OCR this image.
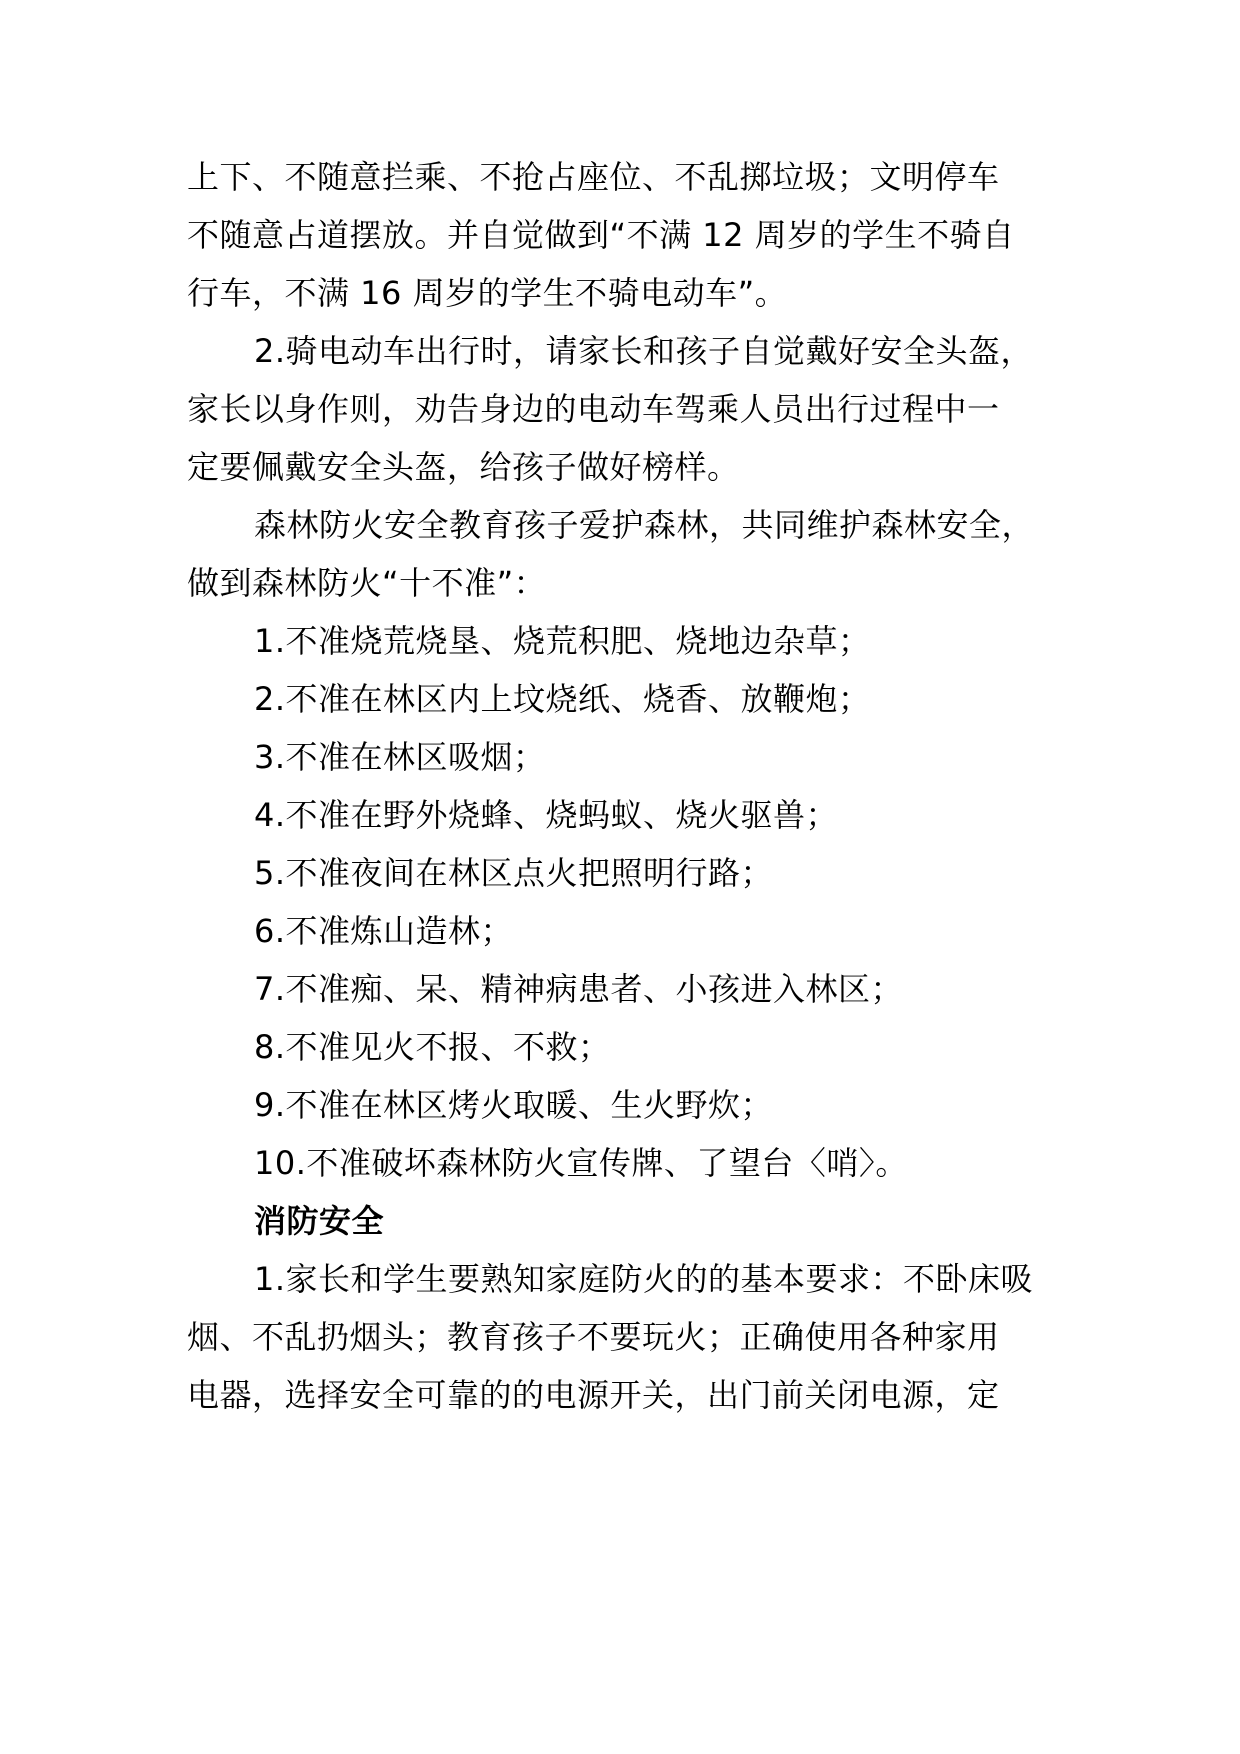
上下、不随意拦乘、不抢占座位、不乱掷垃圾；文明停车
不随意占道摆放。并自觉做到“不满 12 周岁的学生不骑自
行车，不满 16 周岁的学生不骑电动车”。
2.骑电动车出行时，请家长和孩子自觉戴好安全头盔，
家长以身作则，劝告身边的电动车驾乘人员出行过程中一
定要佩戴安全头盔，给孩子做好榜样。
森林防火安全教育孩子爱护森林，共同维护森林安全，
做到森林防火“十不准”：
1.不准烧荒烧垦、烧荒积肥、烧地边杂草；
2.不准在林区内上坟烧纸、烧香、放鞭炮；
3.不准在林区吸烟；
4.不准在野外烧蜂、烧蚂蚁、烧火驱兽；
5.不准夜间在林区点火把照明行路；
6.不准炼山造林；
7.不准痴、呆、精神病患者、小孩进入林区；
8.不准见火不报、不救；
9.不准在林区烤火取暖、生火野炊；
10.不准破坏森林防火宣传牌、了望台〈哨〉。
消防安全
1.家长和学生要熟知家庭防火的的基本要求：不卧床吸
烟、不乱扔烟头；教育孩子不要玩火；正确使用各种家用
电器，选择安全可靠的的电源开关，出门前关闭电源，定
